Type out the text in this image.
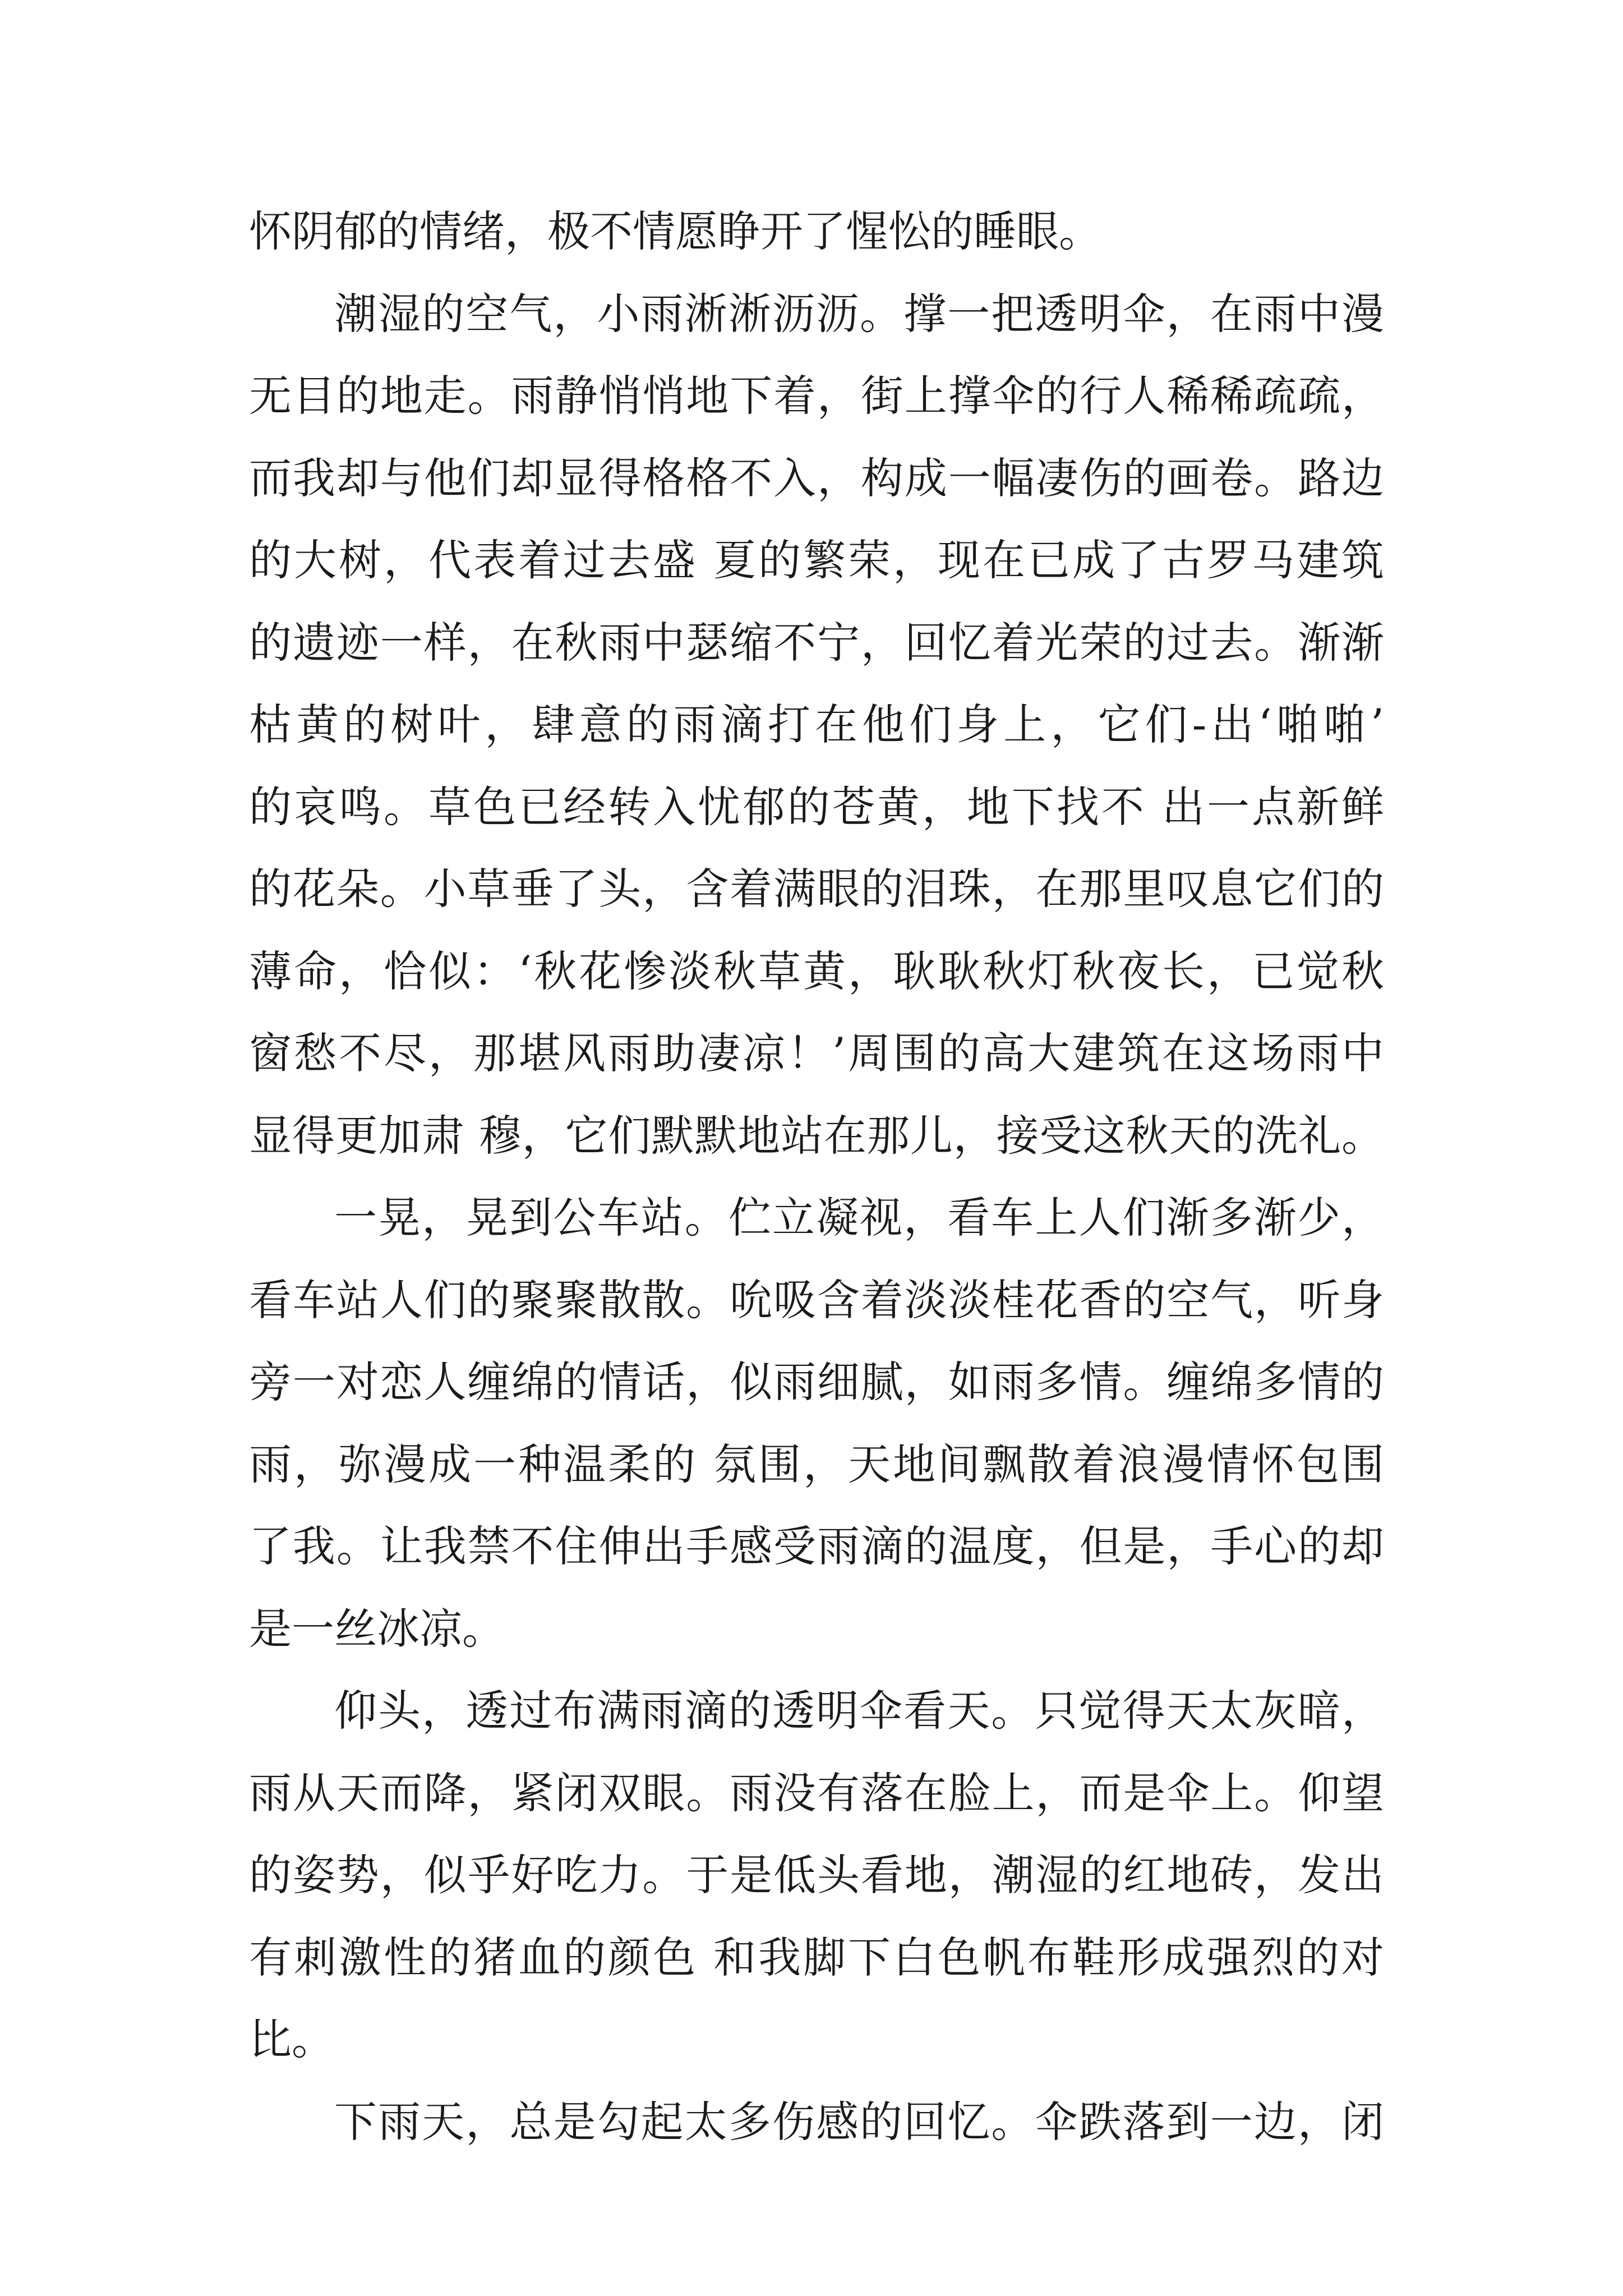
怀阴郁的情绪，极不情愿睁开了惺忪的睡眼。
潮湿的空气，小雨淅淅沥沥。撑一把透明伞，在雨中漫
无目的地走。雨静悄悄地下着，街上撑伞的行人稀稀疏疏，
而我却与他们却显得格格不入，构成一幅凄伤的画卷。路边
的大树，代表着过去盛 夏的繁荣，现在已成了古罗马建筑
的遗迹一样，在秋雨中瑟缩不宁，回忆着光荣的过去。渐渐
枯黄的树叶，肆意的雨滴打在他们身上，它们-出‘啪啪’
的哀鸣。草色已经转入忧郁的苍黄，地下找不 出一点新鲜
的花朵。小草垂了头，含着满眼的泪珠，在那里叹息它们的
薄命，恰似：‘秋花惨淡秋草黄，耿耿秋灯秋夜长，已觉秋
窗愁不尽，那堪风雨助凄凉！’周围的高大建筑在这场雨中
显得更加肃 穆，它们默默地站在那儿，接受这秋天的洗礼。
一晃，晃到公车站。伫立凝视，看车上人们渐多渐少，
看车站人们的聚聚散散。吮吸含着淡淡桂花香的空气，听身
旁一对恋人缠绵的情话，似雨细腻，如雨多情。缠绵多情的
雨，弥漫成一种温柔的 氛围，天地间飘散着浪漫情怀包围
了我。让我禁不住伸出手感受雨滴的温度，但是，手心的却
是一丝冰凉。
仰头，透过布满雨滴的透明伞看天。只觉得天太灰暗，
雨从天而降，紧闭双眼。雨没有落在脸上，而是伞上。仰望
的姿势，似乎好吃力。于是低头看地，潮湿的红地砖，发出
有刺激性的猪血的颜色 和我脚下白色帆布鞋形成强烈的对
比。
下雨天，总是勾起太多伤感的回忆。伞跌落到一边，闭
